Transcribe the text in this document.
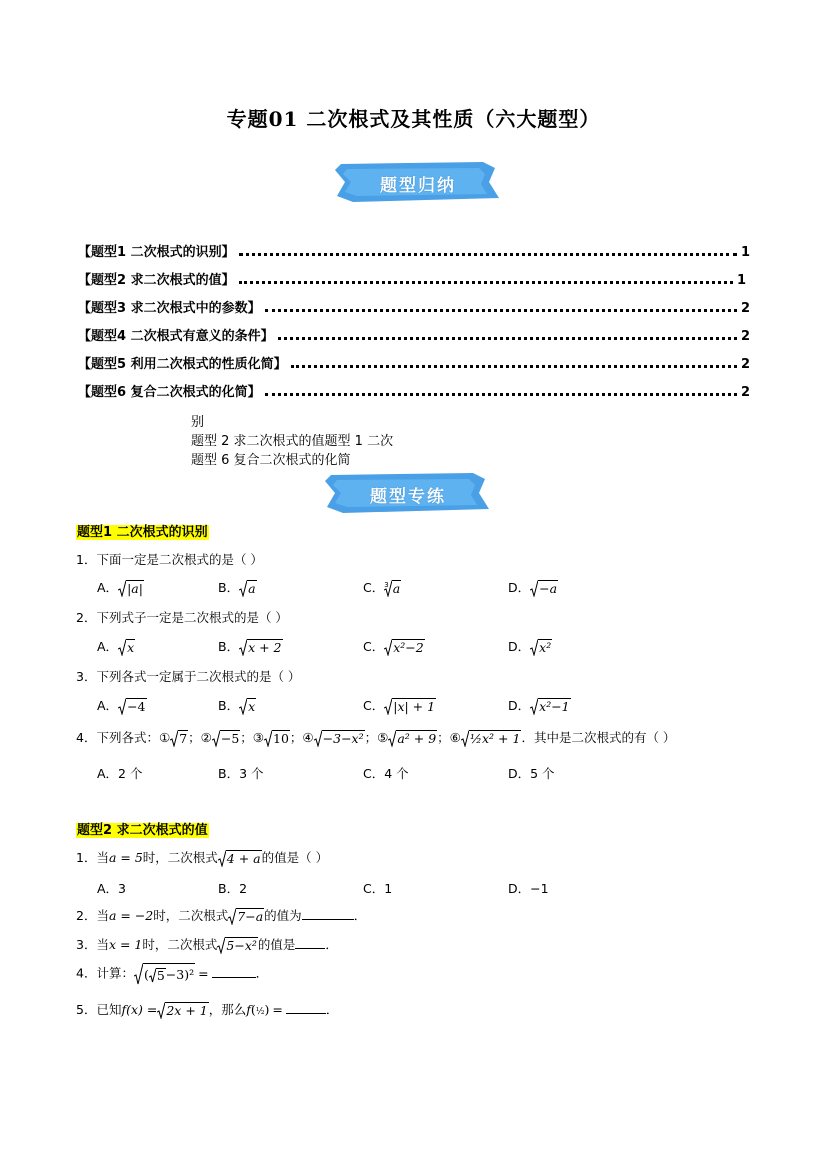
专题01 二次根式及其性质（六大题型）
题型归纳
【题型1 二次根式的识别】	1
【题型2 求二次根式的值】	1
【题型3 求二次根式中的参数】	2
【题型4 二次根式有意义的条件】	2
【题型5 利用二次根式的性质化简】	2
【题型6 复合二次根式的化简】	2
别
题型 2 求二次根式的值题型 1 二次
题型 6 复合二次根式的化简
题型专练
题型1 二次根式的识别
1．下面一定是二次根式的是（ ）
A． |a|	B． a	C．$^3$ a	D． −a
2．下列式子一定是二次根式的是（ ）
A． x	B． x + 2	C． x²−2	D． x²
3．下列各式一定属于二次根式的是（ ）
A． −4	B． x	C． |x| + 1	D． x²−1
4．下列各式：① 7 ；② −5 ；③ 10 ；④ −3−x² ；⑤ a² + 9 ；⑥ ½x² + 1 ．其中是二次根式的有（ ）
A．2 个	B．3 个	C．4 个	D．5 个
题型2 求二次根式的值
1．当a = 5时，二次根式 4 + a 的值是（ ）
A．3	B．2	C．1	D．−1
2．当a = −2时，二次根式 7−a 的值为	．
3．当x = 1时，二次根式 5−x² 的值是 ．
4．计算： ( 5 −3)² =	．
5．已知f(x) = 2x + 1 ，那么f(½) =	．
